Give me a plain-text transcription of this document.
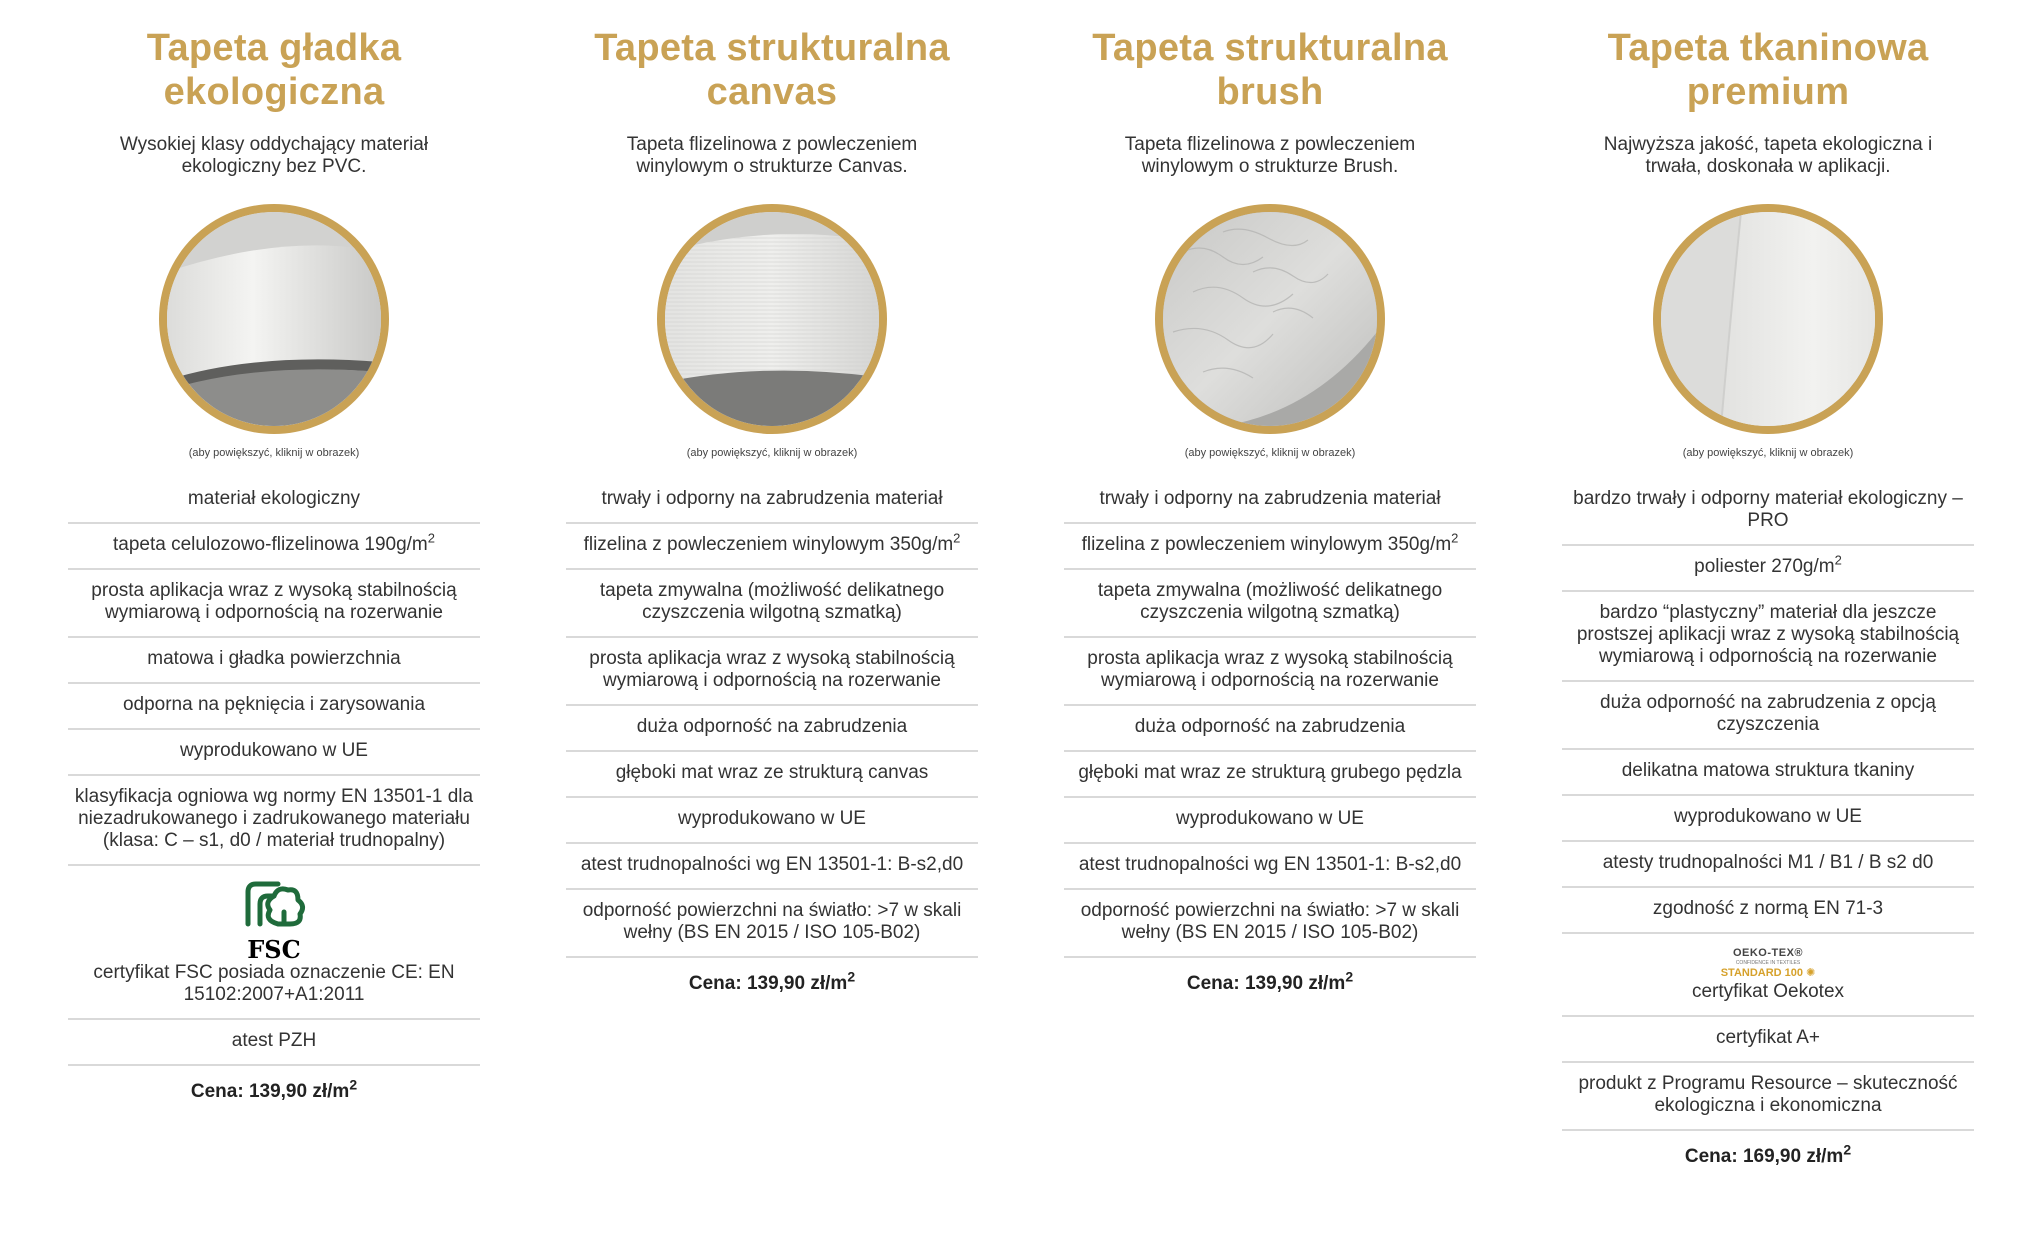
Tapeta gładka
ekologiczna
Wysokiej klasy oddychający materiał ekologiczny bez PVC.
(aby powiększyć, kliknij w obrazek)
materiał ekologiczny
tapeta celulozowo-flizelinowa $190g/m^2$
prosta aplikacja wraz z wysoką stabilnością wymiarową i odpornością na rozerwanie
matowa i gładka powierzchnia
odporna na pęknięcia i zarysowania
wyprodukowano w UE
klasyfikacja ogniowa wg normy EN 13501-1 dla niezadrukowanego i zadrukowanego materiału (klasa: C – s1, d0 / materiał trudnopalny)
FSC
certyfikat FSC posiada oznaczenie CE: EN 15102:2007+A1:2011
atest PZH
Cena: 139,90 $zł/m^2$
Tapeta strukturalna
canvas
Tapeta flizelinowa z powleczeniem winylowym o strukturze Canvas.
(aby powiększyć, kliknij w obrazek)
trwały i odporny na zabrudzenia materiał
flizelina z powleczeniem winylowym $350g/m^2$
tapeta zmywalna (możliwość delikatnego czyszczenia wilgotną szmatką)
prosta aplikacja wraz z wysoką stabilnością wymiarową i odpornością na rozerwanie
duża odporność na zabrudzenia
głęboki mat wraz ze strukturą canvas
wyprodukowano w UE
atest trudnopalności wg EN 13501-1: B-s2,d0
odporność powierzchni na światło: >7 w skali wełny (BS EN 2015 / ISO 105-B02)
Cena: 139,90 $zł/m^2$
Tapeta strukturalna
brush
Tapeta flizelinowa z powleczeniem winylowym o strukturze Brush.
(aby powiększyć, kliknij w obrazek)
trwały i odporny na zabrudzenia materiał
flizelina z powleczeniem winylowym $350g/m^2$
tapeta zmywalna (możliwość delikatnego czyszczenia wilgotną szmatką)
prosta aplikacja wraz z wysoką stabilnością wymiarową i odpornością na rozerwanie
duża odporność na zabrudzenia
głęboki mat wraz ze strukturą grubego pędzla
wyprodukowano w UE
atest trudnopalności wg EN 13501-1: B-s2,d0
odporność powierzchni na światło: >7 w skali wełny (BS EN 2015 / ISO 105-B02)
Cena: 139,90 $zł/m^2$
Tapeta tkaninowa
premium
Najwyższa jakość, tapeta ekologiczna i trwała, doskonała w aplikacji.
(aby powiększyć, kliknij w obrazek)
bardzo trwały i odporny materiał ekologiczny – PRO
poliester $270g/m^2$
bardzo “plastyczny” materiał dla jeszcze prostszej aplikacji wraz z wysoką stabilnością wymiarową i odpornością na rozerwanie
duża odporność na zabrudzenia z opcją czyszczenia
delikatna matowa struktura tkaniny
wyprodukowano w UE
atesty trudnopalności M1 / B1 / B s2 d0
zgodność z normą EN 71-3
OEKO-TEX®
CONFIDENCE IN TEXTILES
STANDARD 100 ✺
certyfikat Oekotex
certyfikat A+
produkt z Programu Resource – skuteczność ekologiczna i ekonomiczna
Cena: 169,90 $zł/m^2$
